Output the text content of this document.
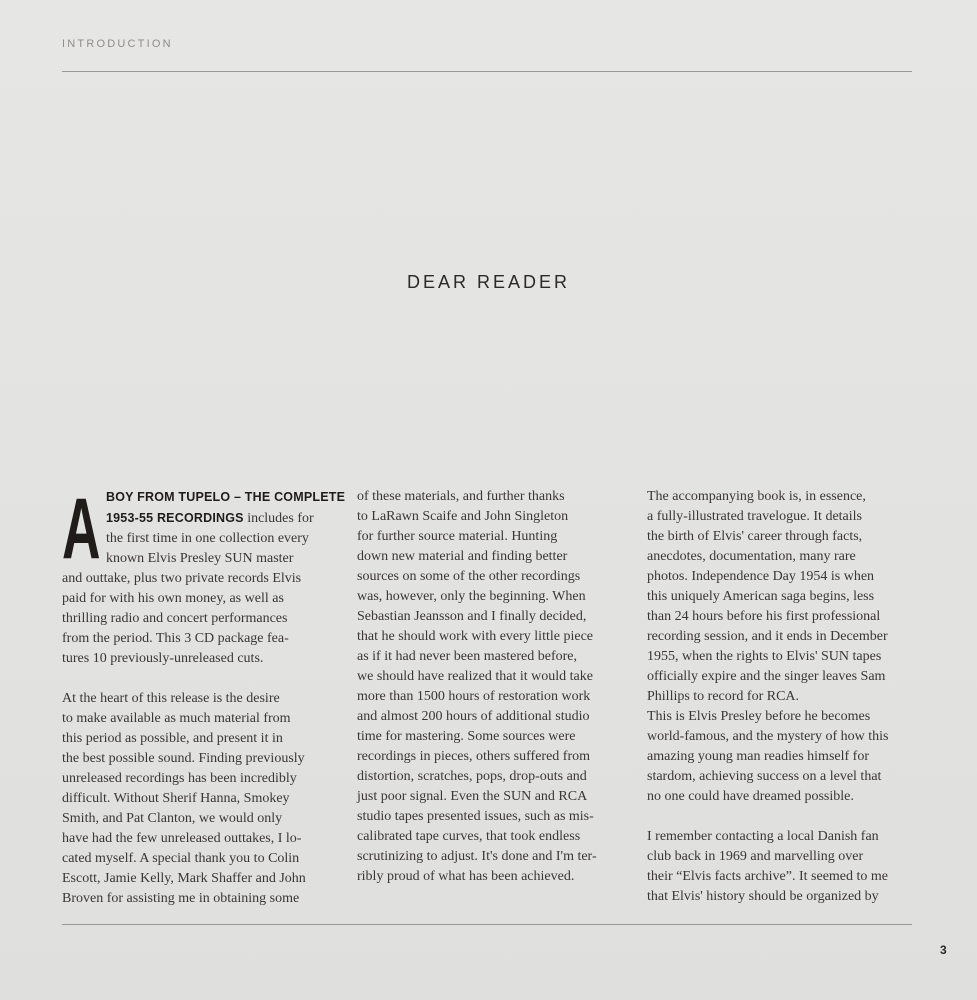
INTRODUCTION
DEAR READER
A BOY FROM TUPELO – THE COMPLETE

1953-55 RECORDINGS includes for

the first time in one collection every

known Elvis Presley SUN master

and outtake, plus two private records Elvis

paid for with his own money, as well as

thrilling radio and concert performances

from the period. This 3 CD package fea-

tures 10 previously-unreleased cuts.

At the heart of this release is the desire

to make available as much material from

this period as possible, and present it in

the best possible sound. Finding previously

unreleased recordings has been incredibly

difficult. Without Sherif Hanna, Smokey

Smith, and Pat Clanton, we would only

have had the few unreleased outtakes, I lo-

cated myself. A special thank you to Colin

Escott, Jamie Kelly, Mark Shaffer and John

Broven for assisting me in obtaining some

of these materials, and further thanks

to LaRawn Scaife and John Singleton

for further source material. Hunting

down new material and finding better

sources on some of the other recordings

was, however, only the beginning. When

Sebastian Jeansson and I finally decided,

that he should work with every little piece

as if it had never been mastered before,

we should have realized that it would take

more than 1500 hours of restoration work

and almost 200 hours of additional studio

time for mastering. Some sources were

recordings in pieces, others suffered from

distortion, scratches, pops, drop-outs and

just poor signal. Even the SUN and RCA

studio tapes presented issues, such as mis-

calibrated tape curves, that took endless

scrutinizing to adjust. It's done and I'm ter-

ribly proud of what has been achieved.

The accompanying book is, in essence,

a fully-illustrated travelogue. It details

the birth of Elvis' career through facts,

anecdotes, documentation, many rare

photos. Independence Day 1954 is when

this uniquely American saga begins, less

than 24 hours before his first professional

recording session, and it ends in December

1955, when the rights to Elvis' SUN tapes

officially expire and the singer leaves Sam

Phillips to record for RCA.

This is Elvis Presley before he becomes

world-famous, and the mystery of how this

amazing young man readies himself for

stardom, achieving success on a level that

no one could have dreamed possible.

I remember contacting a local Danish fan

club back in 1969 and marvelling over

their “Elvis facts archive”. It seemed to me

that Elvis' history should be organized by

3
